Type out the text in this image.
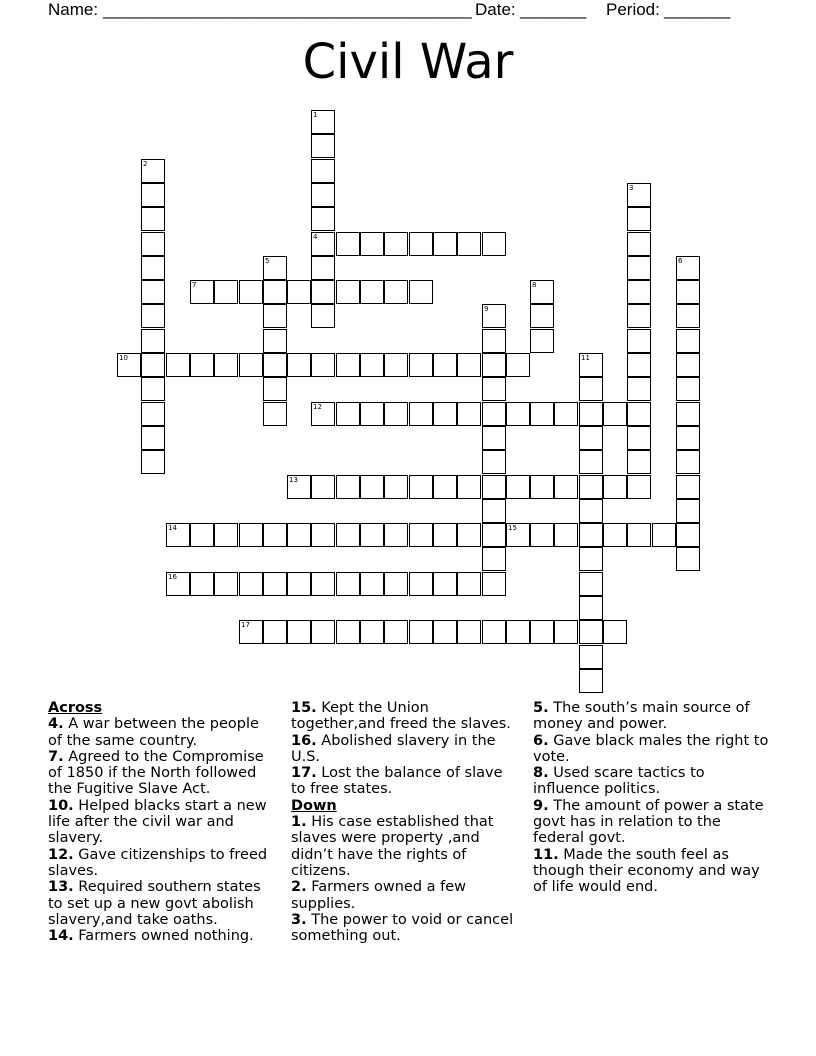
Name: _______________________________________ Date: _______ Period: _______
Civil War
1
4
2
3
5	6
7	8
9
10	11
12
13
14	15
16
17

Across

4. A war between the people of the same country.

7. Agreed to the Compromise of 1850 if the North followed the Fugitive Slave Act.

10. Helped blacks start a new life after the civil war and slavery.

12. Gave citizenships to freed slaves.

13. Required southern states to set up a new govt abolish slavery,and take oaths.

14. Farmers owned nothing.

15. Kept the Union together,and freed the slaves.

16. Abolished slavery in the U.S.

17. Lost the balance of slave to free states.

Down

1. His case established that slaves were property ,and didn’t have the rights of citizens.

2. Farmers owned a few supplies.

3. The power to void or cancel something out.

5. The south’s main source of money and power.

6. Gave black males the right to vote.

8. Used scare tactics to influence politics.

9. The amount of power a state govt has in relation to the federal govt.

11. Made the south feel as though their economy and way of life would end.
